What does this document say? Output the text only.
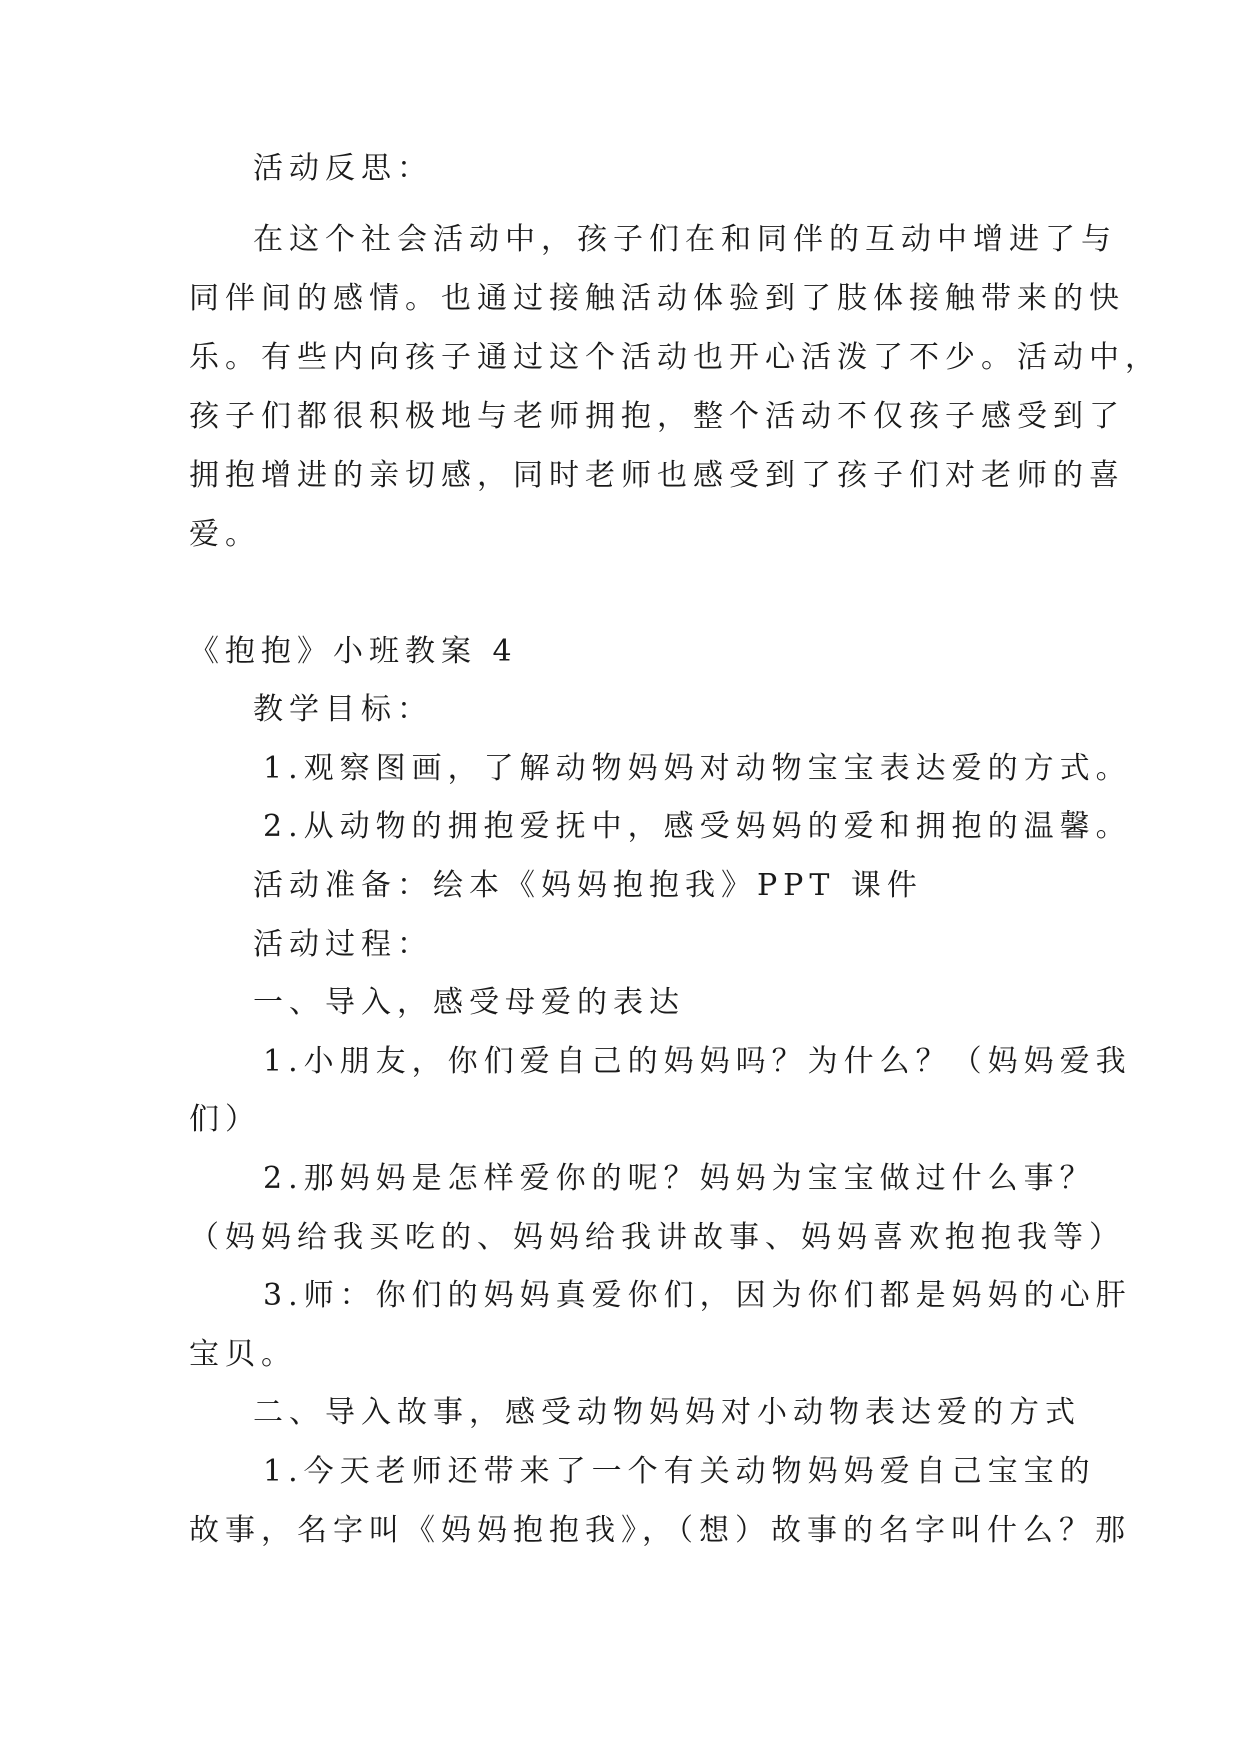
活动反思：
在这个社会活动中，孩子们在和同伴的互动中增进了与
同伴间的感情。也通过接触活动体验到了肢体接触带来的快
乐。有些内向孩子通过这个活动也开心活泼了不少。活动中，
孩子们都很积极地与老师拥抱，整个活动不仅孩子感受到了
拥抱增进的亲切感，同时老师也感受到了孩子们对老师的喜
爱。
《抱抱》小班教案 4
教学目标：
1.观察图画，了解动物妈妈对动物宝宝表达爱的方式。
2.从动物的拥抱爱抚中，感受妈妈的爱和拥抱的温馨。
活动准备：绘本《妈妈抱抱我》PPT 课件
活动过程：
一、导入，感受母爱的表达
1.小朋友，你们爱自己的妈妈吗？为什么？（妈妈爱我
们）
2.那妈妈是怎样爱你的呢？妈妈为宝宝做过什么事？
（妈妈给我买吃的、妈妈给我讲故事、妈妈喜欢抱抱我等）
3.师：你们的妈妈真爱你们，因为你们都是妈妈的心肝
宝贝。
二、导入故事，感受动物妈妈对小动物表达爱的方式
1.今天老师还带来了一个有关动物妈妈爱自己宝宝的
故事，名字叫《妈妈抱抱我》，（想）故事的名字叫什么？那
